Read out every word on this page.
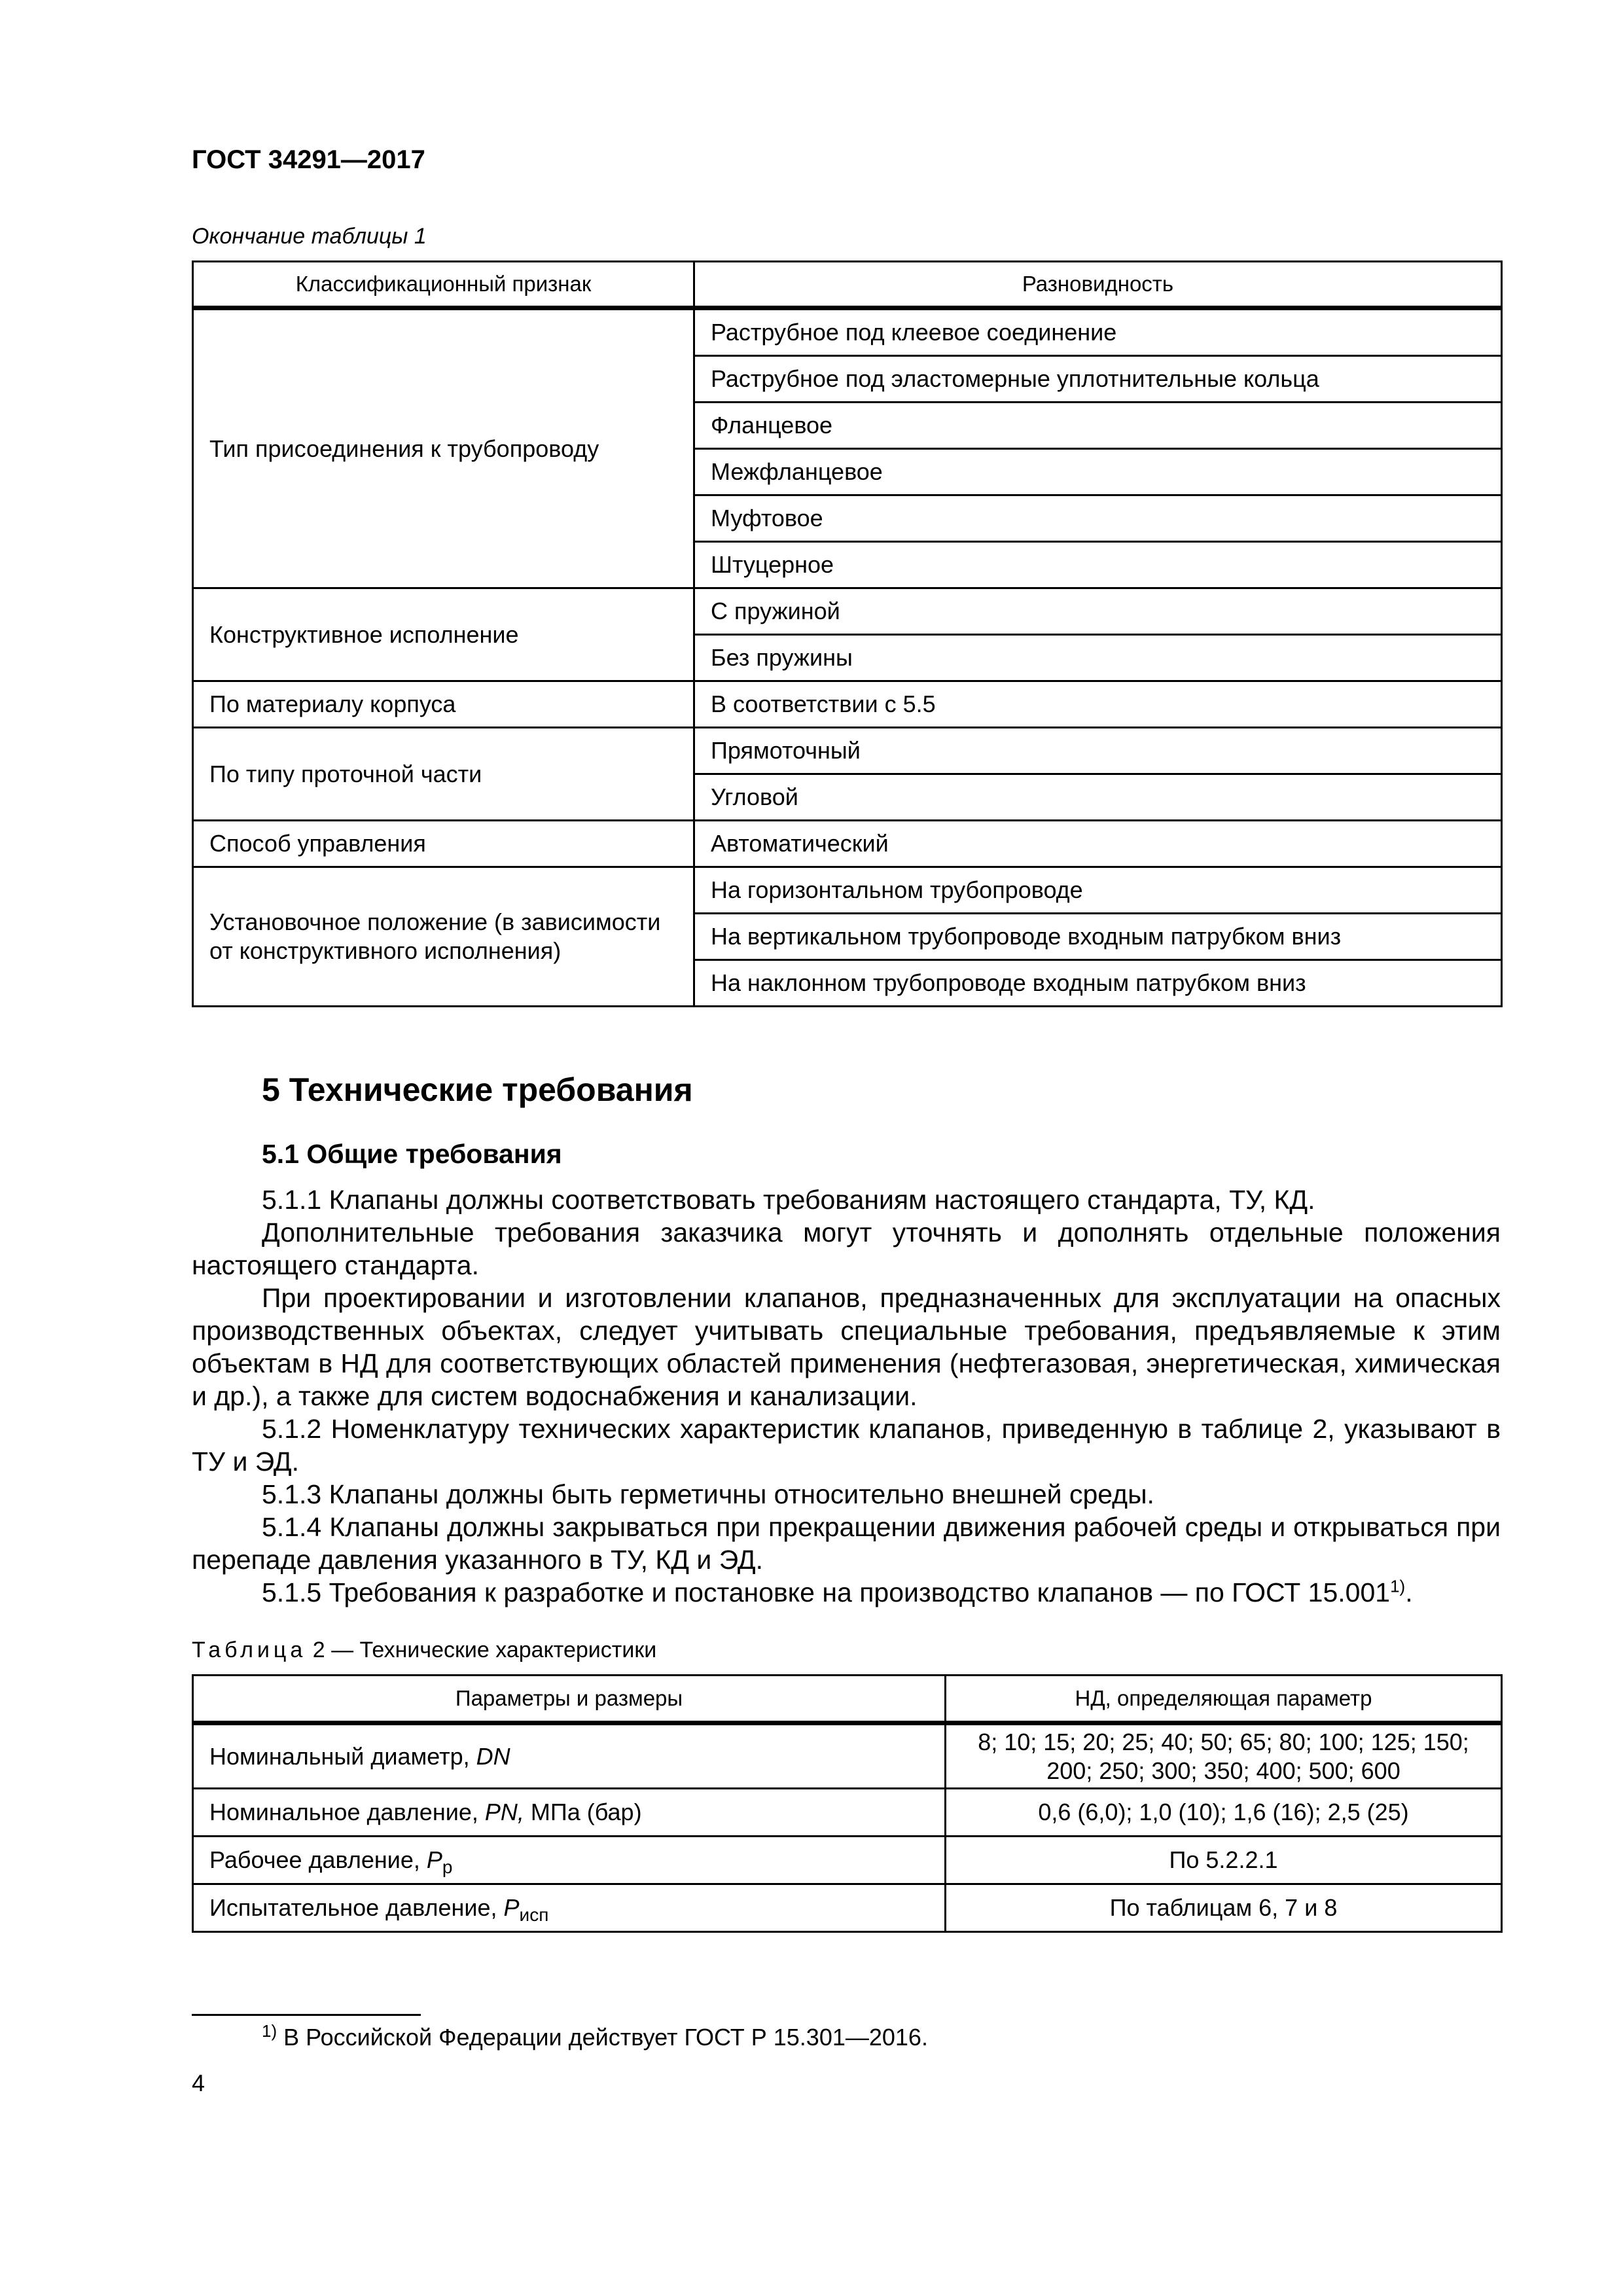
ГОСТ 34291—2017
Окончание таблицы 1
Классификационный признак	Разновидность
Тип присоединения к трубопроводу	Раструбное под клеевое соединение
	Раструбное под эластомерные уплотнительные кольца
	Фланцевое
	Межфланцевое
	Муфтовое
	Штуцерное
Конструктивное исполнение	С пружиной
	Без пружины
По материалу корпуса	В соответствии с 5.5
По типу проточной части	Прямоточный
	Угловой
Способ управления	Автоматический
Установочное положение (в зависимости от конструктивного исполнения)	На горизонтальном трубопроводе
	На вертикальном трубопроводе входным патрубком вниз
	На наклонном трубопроводе входным патрубком вниз
5 Технические требования
5.1 Общие требования

5.1.1 Клапаны должны соответствовать требованиям настоящего стандарта, ТУ, КД.

Дополнительные требования заказчика могут уточнять и дополнять отдельные положения настоящего стандарта.

При проектировании и изготовлении клапанов, предназначенных для эксплуатации на опасных производственных объектах, следует учитывать специальные требования, предъявляемые к этим объектам в НД для соответствующих областей применения (нефтегазовая, энергетическая, химическая и др.), а также для систем водоснабжения и канализации.

5.1.2 Номенклатуру технических характеристик клапанов, приведенную в таблице 2, указывают в ТУ и ЭД.

5.1.3 Клапаны должны быть герметичны относительно внешней среды.

5.1.4 Клапаны должны закрываться при прекращении движения рабочей среды и открываться при перепаде давления указанного в ТУ, КД и ЭД.

5.1.5 Требования к разработке и постановке на производство клапанов — по ГОСТ 15.001$^{1)}$.

Таблица 2 — Технические характеристики
Параметры и размеры	НД, определяющая параметр
Номинальный диаметр, DN	8; 10; 15; 20; 25; 40; 50; 65; 80; 100; 125; 150; 200; 250; 300; 350; 400; 500; 600
Номинальное давление, PN, МПа (бар)	0,6 (6,0); 1,0 (10); 1,6 (16); 2,5 (25)
Рабочее давление, $P_р$	По 5.2.2.1
Испытательное давление, $P_{исп}$	По таблицам 6, 7 и 8
$^{1)}$ В Российской Федерации действует ГОСТ Р 15.301—2016.
4
